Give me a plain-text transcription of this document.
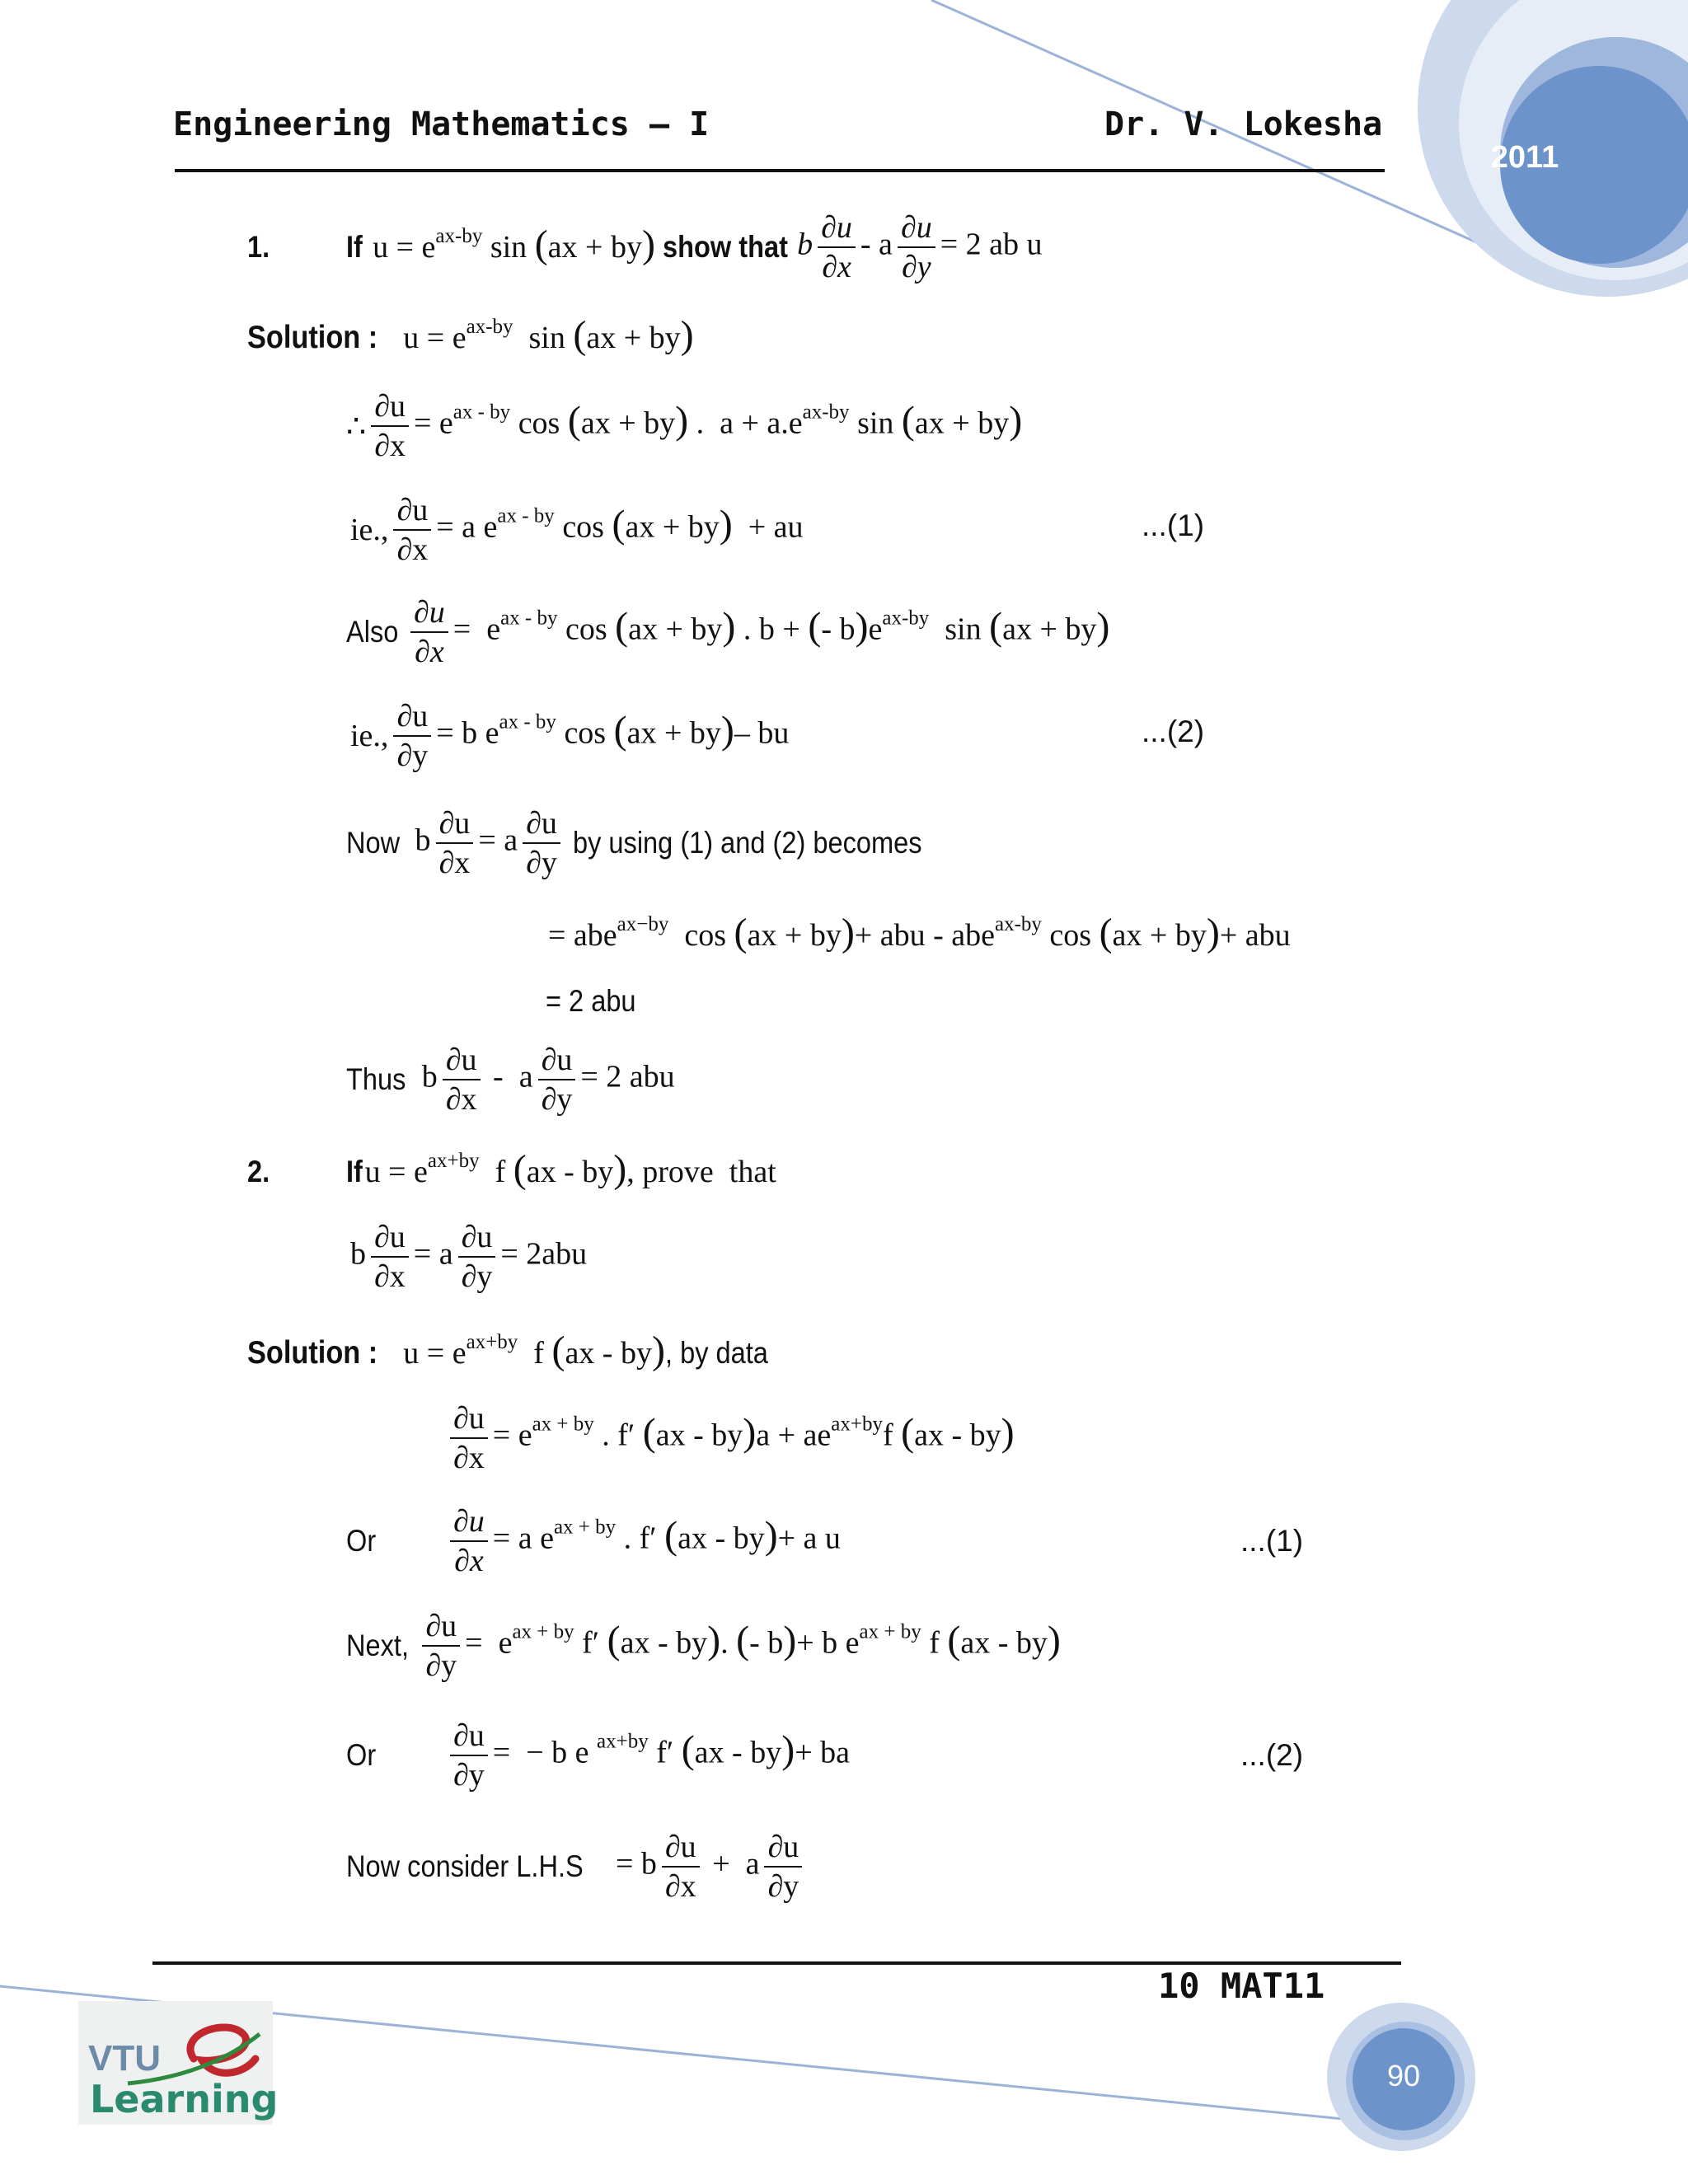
2011
Engineering Mathematics – I	Dr. V. Lokesha
1.	If $u = e^{ax-by}$ sin (ax + by) show that b $\frac{\partial u}{\partial x} - a \frac{\partial u}{\partial y} = 2$ ab u
Solution : $u = e^{ax-by}$  sin (ax + by)
∴ $\frac{\partial u}{\partial x} = e^{ax - by}$ cos (ax + by) .  $a + a.e^{ax-by}$ sin (ax + by)
ie., $\frac{\partial u}{\partial x} = a$ $e^{ax - by}$ cos (ax + by)  + au	...(1)
Also $\frac{\partial u}{\partial x} = e^{ax - by}$ cos (ax + by) . b + (- $b)e^{ax-by}$  sin (ax + by)
ie., $\frac{\partial u}{\partial y} = b$ $e^{ax - by}$ cos (ax + by)– bu	...(2)
Now b $\frac{\partial u}{\partial x} = a \frac{\partial u}{\partial y}$
by using (1) and (2) becomes
= abe$^{ax-by}$  cos (ax + by)+ abu - abe$^{ax-by}$ cos (ax + by)+ abu
= 2 abu
Thus b $\frac{\partial u}{\partial x} - a \frac{\partial u}{\partial y} = 2$ abu
2.	If $u = e^{ax+by}$  f (ax - by), prove  that
b $\frac{\partial u}{\partial x} = a \frac{\partial u}{\partial y} = 2abu$
Solution : $u = e^{ax+by}$  f (ax - by) , by data
$\frac{\partial u}{\partial x} = e^{ax + by}$ . f′ $(ax - by)a + ae^{ax+by}f$ (ax - by)
Or	$\frac{\partial u}{\partial x} = a$ $e^{ax + by}$ . f′ (ax - by)+ a u	...(1)
Next, $\frac{\partial u}{\partial y} = e^{ax + by}$ f′ (ax - by). (- b)+ b $e^{ax + by}$ f (ax - by)
Or	$\frac{\partial u}{\partial y}$ =  − b e $^{ax+by}$ f′ (ax - by)+ ba	...(2)
Now consider L.H.S = b $\frac{\partial u}{\partial x} + a \frac{\partial u}{\partial y}$
10 MAT11
90
VTU
Learning
